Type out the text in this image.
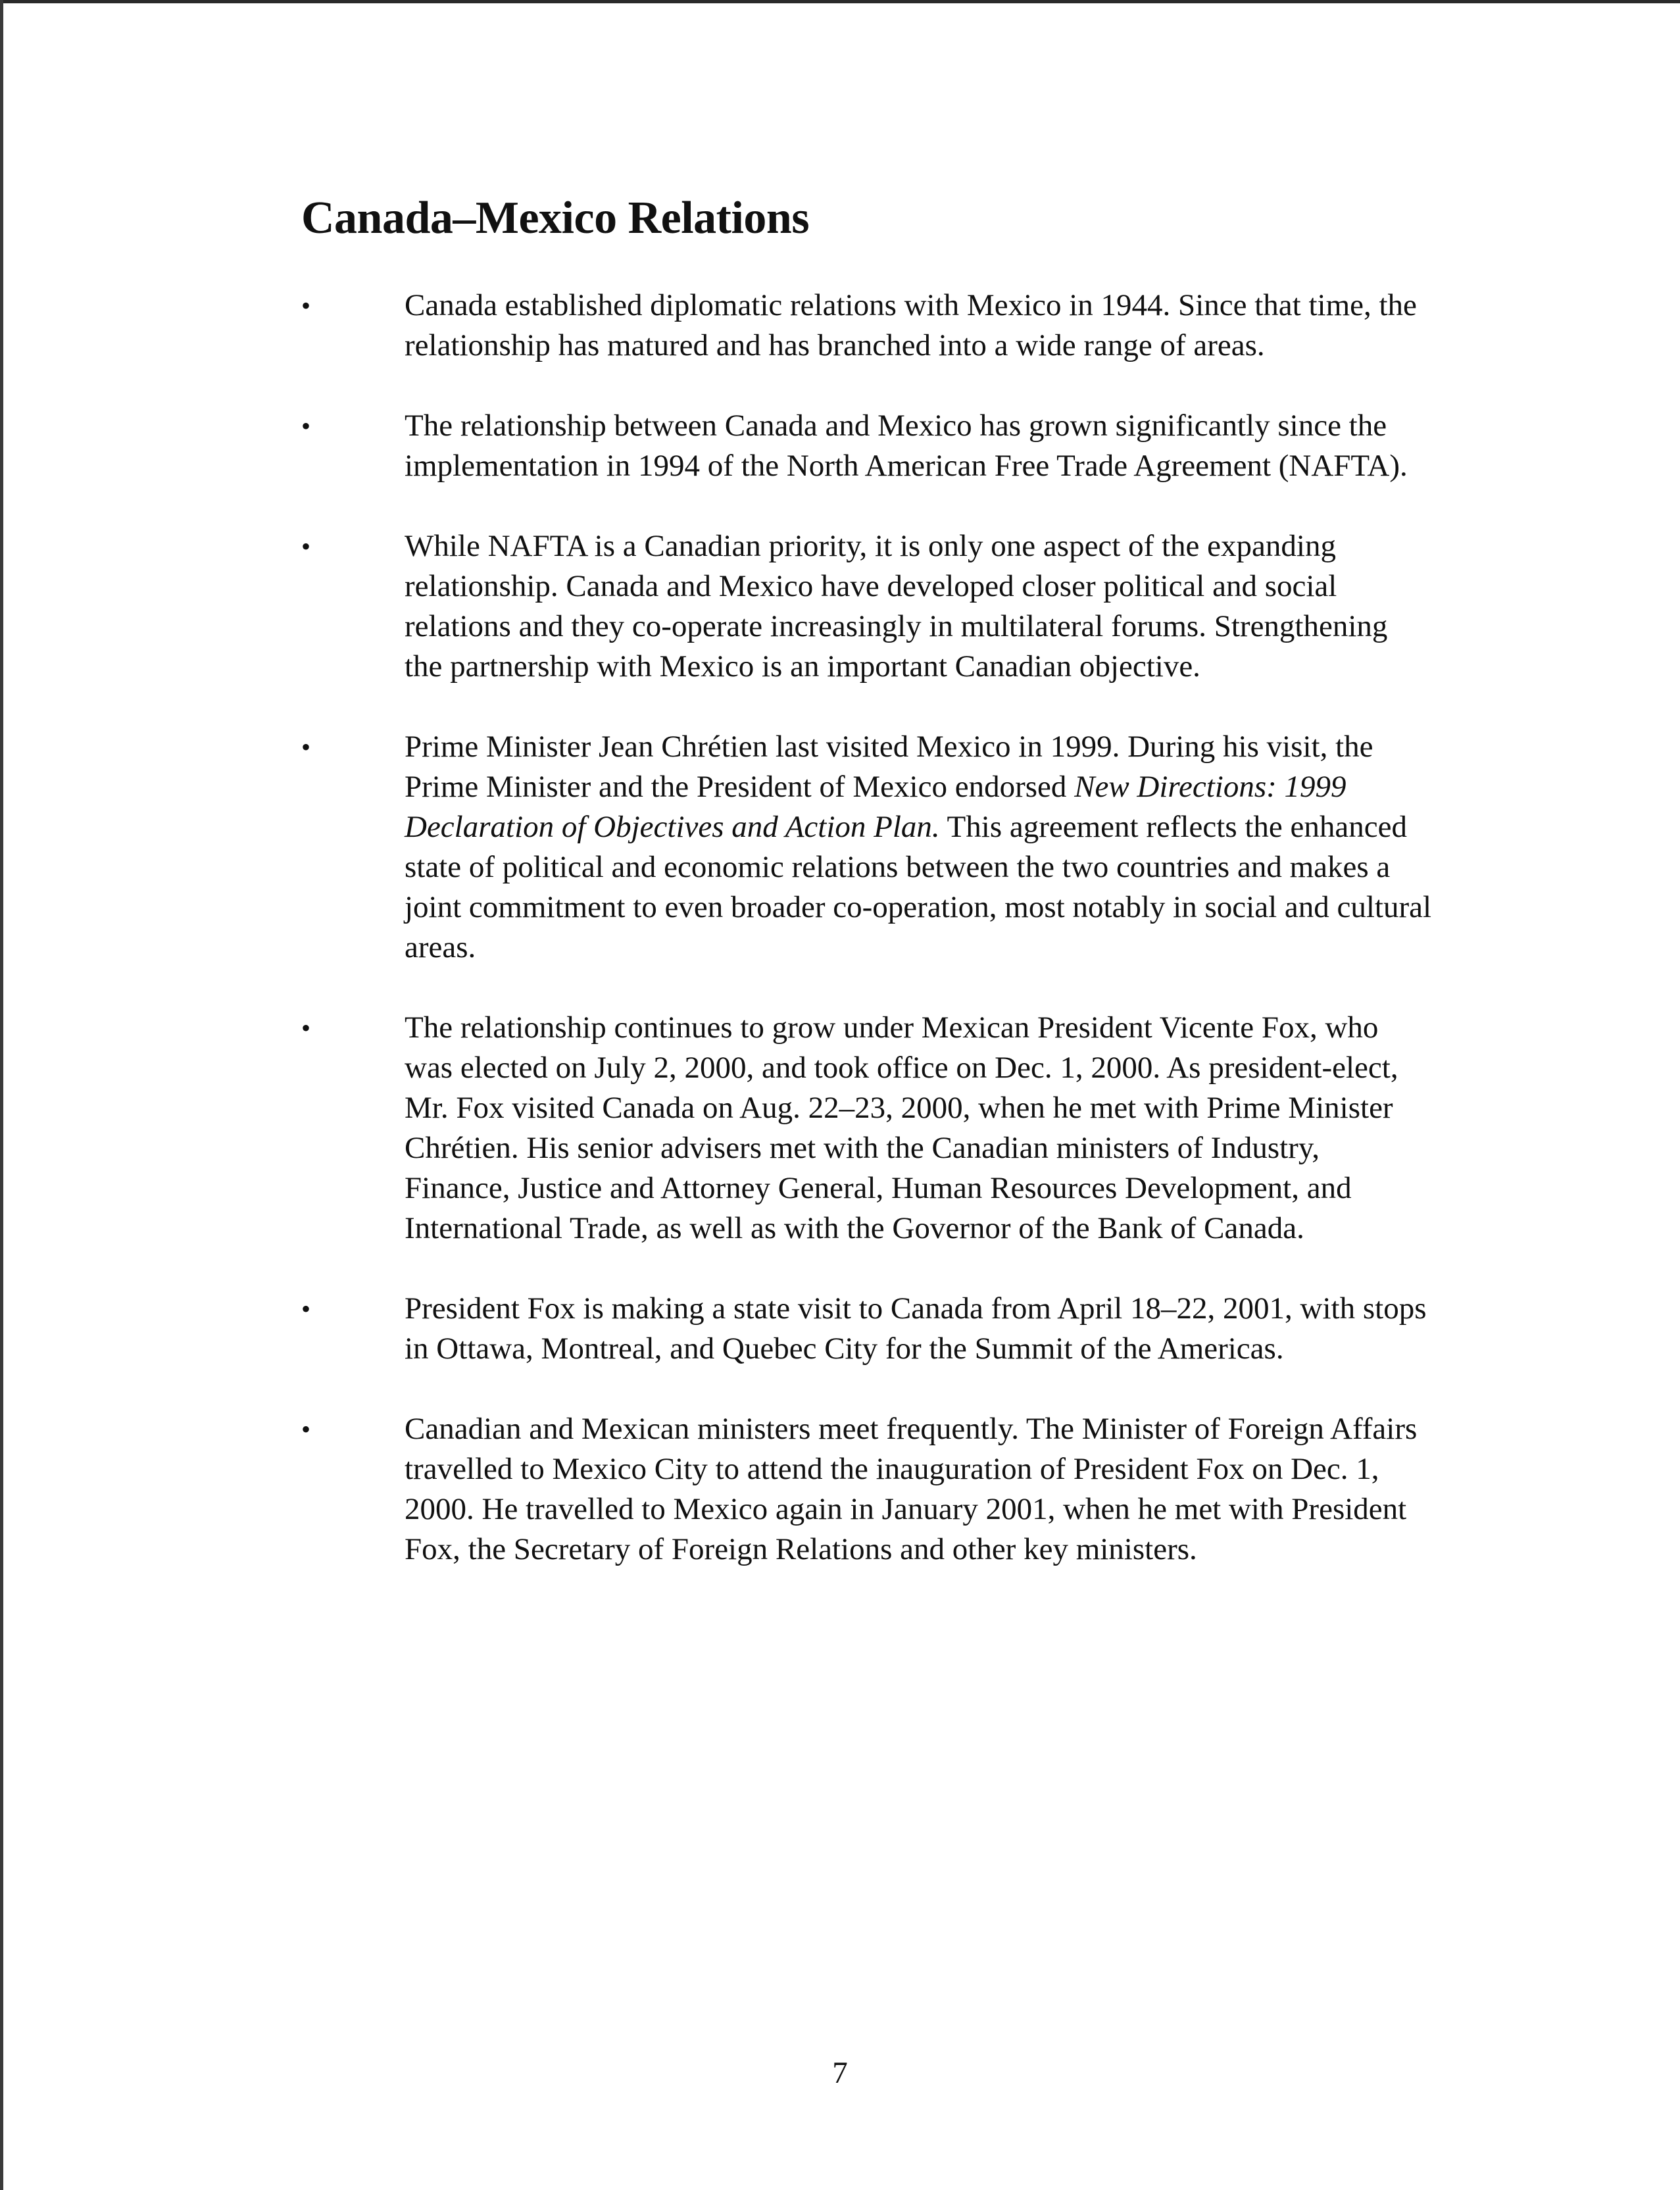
Canada–Mexico Relations
•	Canada established diplomatic relations with Mexico in 1944. Since that time, the relationship has matured and has branched into a wide range of areas.
•	The relationship between Canada and Mexico has grown significantly since the implementation in 1994 of the North American Free Trade Agreement (NAFTA).
•	While NAFTA is a Canadian priority, it is only one aspect of the expanding relationship. Canada and Mexico have developed closer political and social relations and they co-operate increasingly in multilateral forums. Strengthening the partnership with Mexico is an important Canadian objective.
•	Prime Minister Jean Chrétien last visited Mexico in 1999. During his visit, the Prime Minister and the President of Mexico endorsed New Directions: 1999 Declaration of Objectives and Action Plan. This agreement reflects the enhanced state of political and economic relations between the two countries and makes a joint commitment to even broader co-operation, most notably in social and cultural areas.
•	The relationship continues to grow under Mexican President Vicente Fox, who was elected on July 2, 2000, and took office on Dec. 1, 2000. As president-elect, Mr. Fox visited Canada on Aug. 22–23, 2000, when he met with Prime Minister Chrétien. His senior advisers met with the Canadian ministers of Industry, Finance, Justice and Attorney General, Human Resources Development, and International Trade, as well as with the Governor of the Bank of Canada.
•	President Fox is making a state visit to Canada from April 18–22, 2001, with stops in Ottawa, Montreal, and Quebec City for the Summit of the Americas.
•	Canadian and Mexican ministers meet frequently. The Minister of Foreign Affairs travelled to Mexico City to attend the inauguration of President Fox on Dec. 1, 2000. He travelled to Mexico again in January 2001, when he met with President Fox, the Secretary of Foreign Relations and other key ministers.
7
